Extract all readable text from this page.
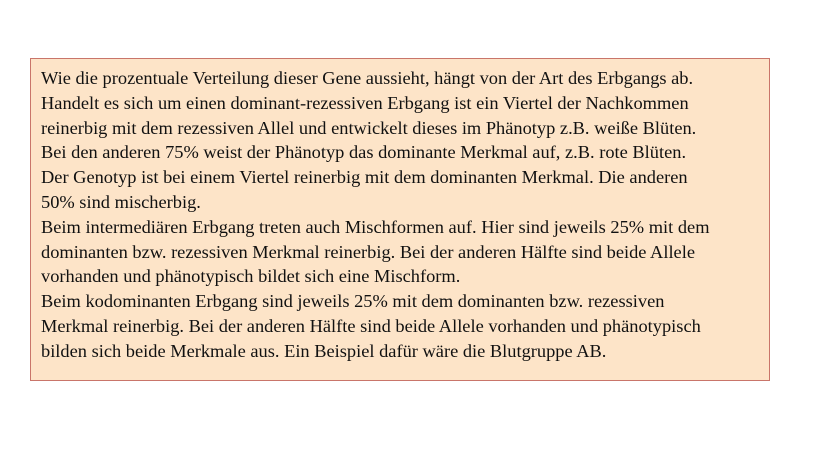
Wie die prozentuale Verteilung dieser Gene aussieht, hängt von der Art des Erbgangs ab.
Handelt es sich um einen dominant-rezessiven Erbgang ist ein Viertel der Nachkommen
reinerbig mit dem rezessiven Allel und entwickelt dieses im Phänotyp z.B. weiße Blüten.
Bei den anderen 75% weist der Phänotyp das dominante Merkmal auf, z.B. rote Blüten.
Der Genotyp ist bei einem Viertel reinerbig mit dem dominanten Merkmal. Die anderen
50% sind mischerbig.
Beim intermediären Erbgang treten auch Mischformen auf. Hier sind jeweils 25% mit dem
dominanten bzw. rezessiven Merkmal reinerbig. Bei der anderen Hälfte sind beide Allele
vorhanden und phänotypisch bildet sich eine Mischform.
Beim kodominanten Erbgang sind jeweils 25% mit dem dominanten bzw. rezessiven
Merkmal reinerbig. Bei der anderen Hälfte sind beide Allele vorhanden und phänotypisch
bilden sich beide Merkmale aus. Ein Beispiel dafür wäre die Blutgruppe AB.
